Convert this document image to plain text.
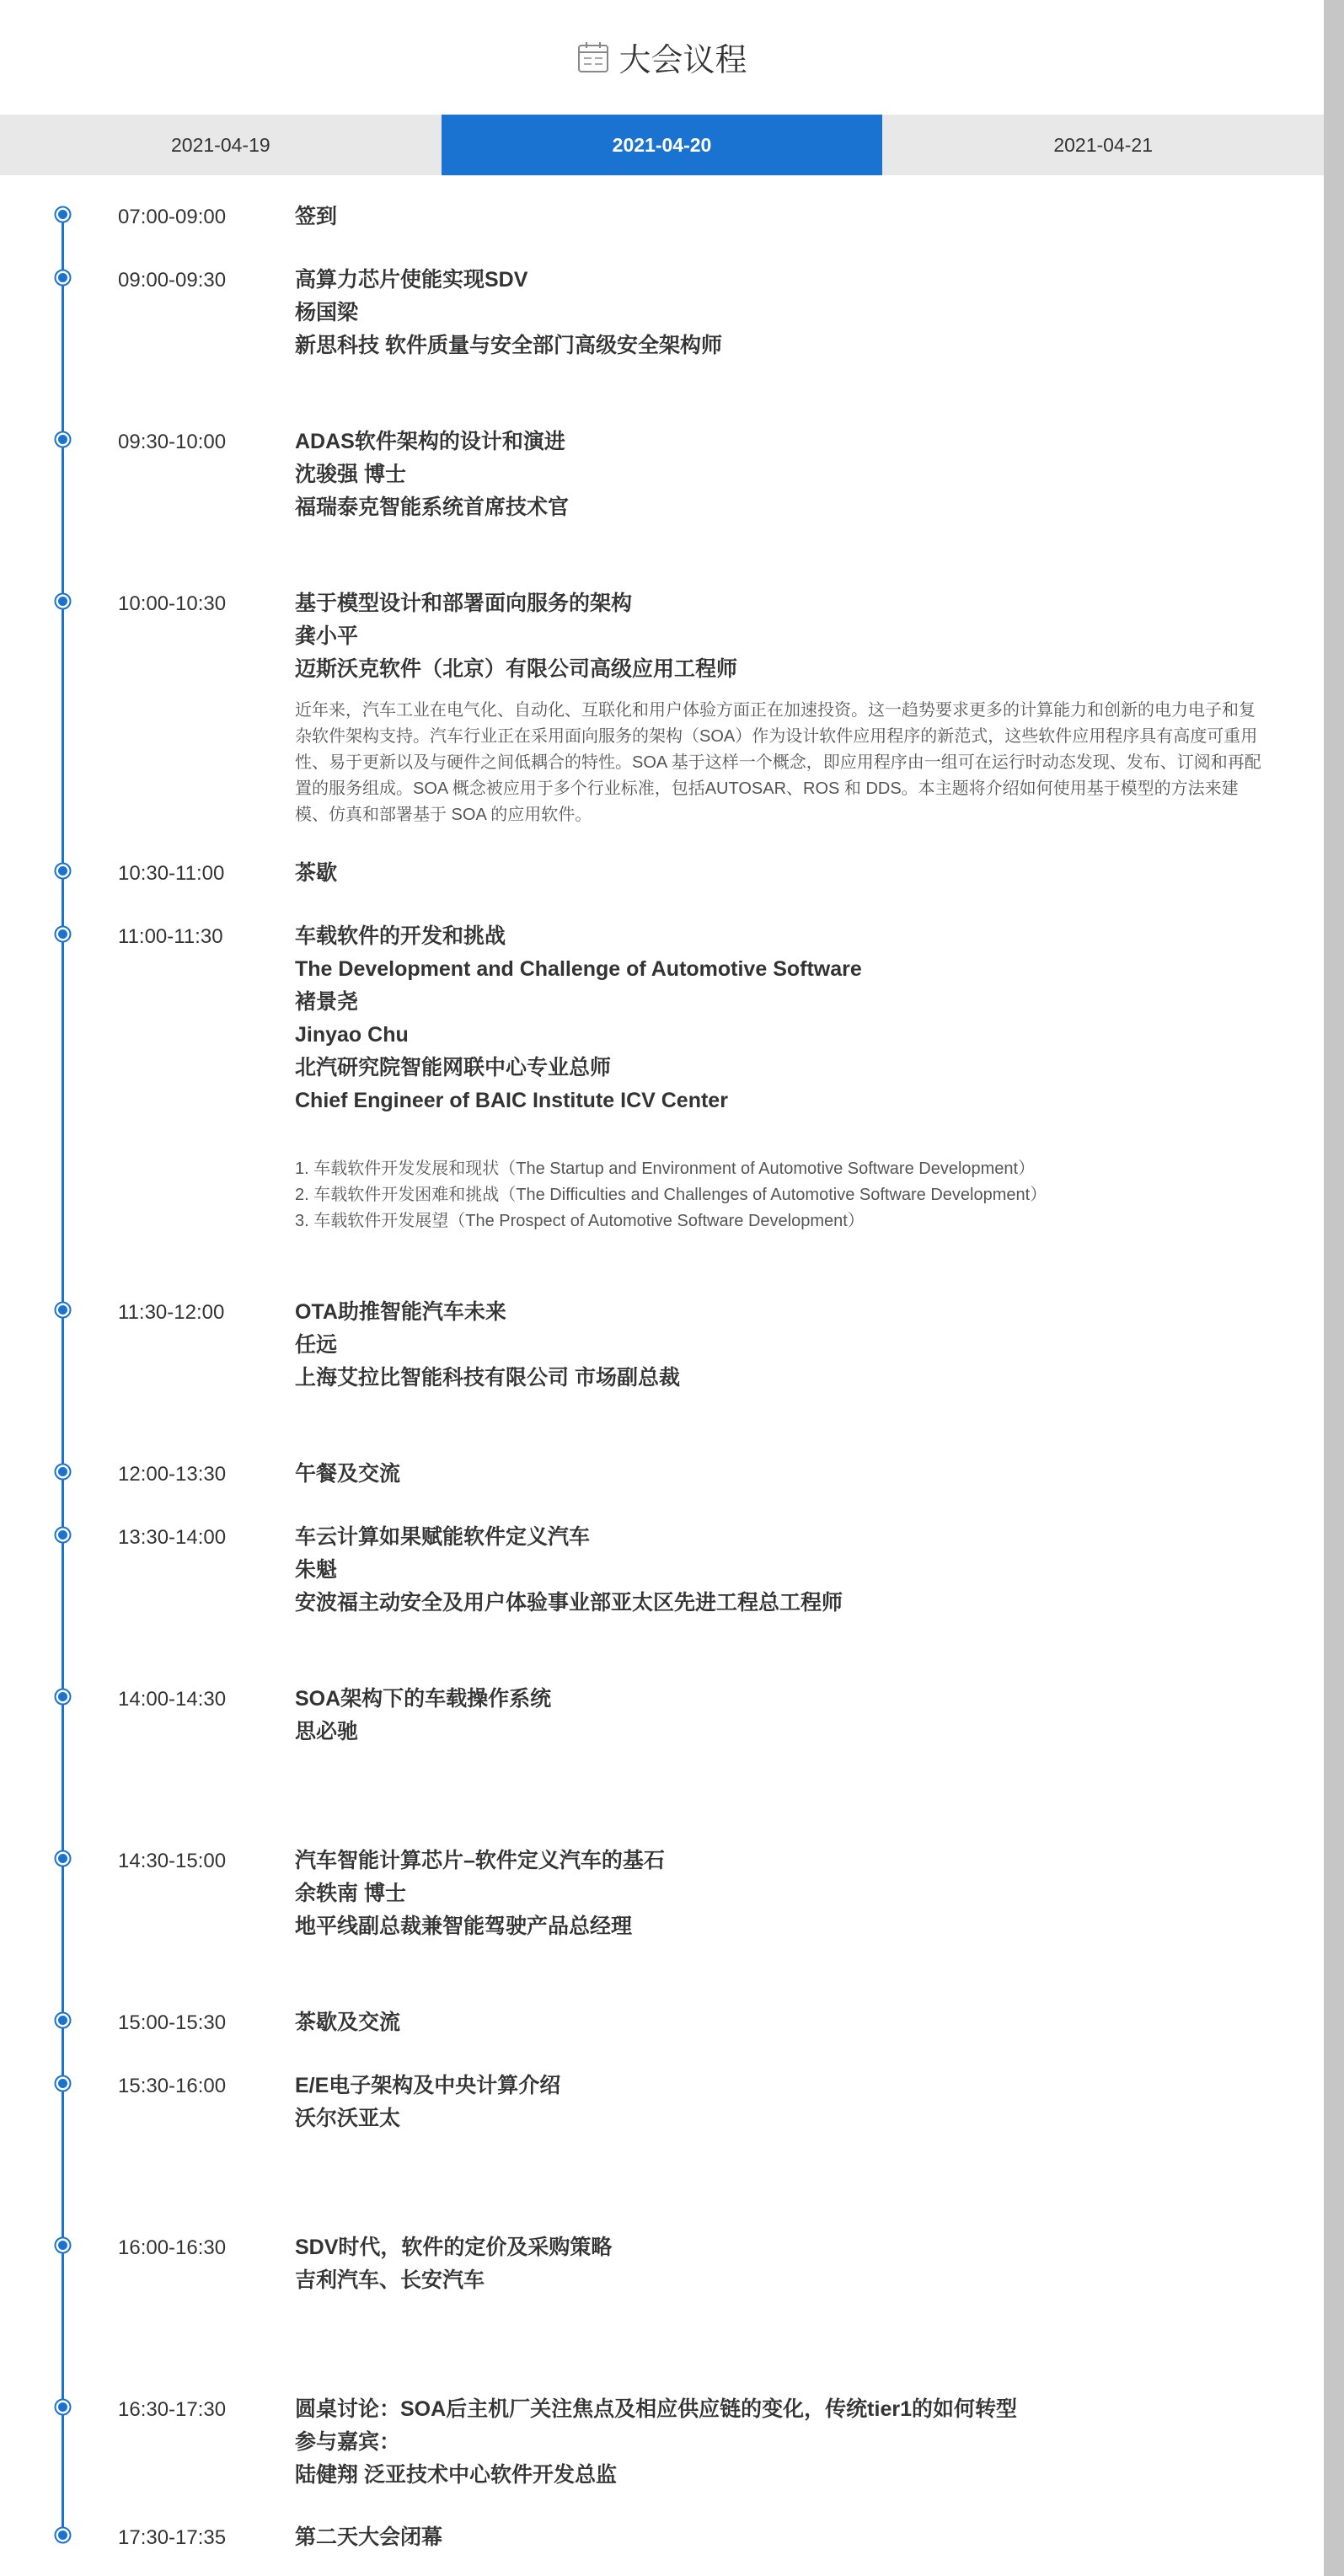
大会议程
2021-04-19	2021-04-20	2021-04-21
07:00-09:00	签到
09:00-09:30	高算力芯片使能实现SDV
杨国梁
新思科技 软件质量与安全部门高级安全架构师
09:30-10:00	ADAS软件架构的设计和演进
沈骏强 博士
福瑞泰克智能系统首席技术官
10:00-10:30	基于模型设计和部署面向服务的架构
龚小平
迈斯沃克软件（北京）有限公司高级应用工程师
近年来，汽车工业在电气化、自动化、互联化和用户体验方面正在加速投资。这一趋势要求更多的计算能力和创新的电力电子和复杂软件架构支持。汽车行业正在采用面向服务的架构（SOA）作为设计软件应用程序的新范式，这些软件应用程序具有高度可重用性、易于更新以及与硬件之间低耦合的特性。SOA 基于这样一个概念，即应用程序由一组可在运行时动态发现、发布、订阅和再配置的服务组成。SOA 概念被应用于多个行业标准，包括AUTOSAR、ROS 和 DDS。本主题将介绍如何使用基于模型的方法来建模、仿真和部署基于 SOA 的应用软件。
10:30-11:00	茶歇
11:00-11:30	车载软件的开发和挑战
The Development and Challenge of Automotive Software
褚景尧
Jinyao Chu
北汽研究院智能网联中心专业总师
Chief Engineer of BAIC Institute ICV Center
1. 车载软件开发发展和现状（The Startup and Environment of Automotive Software Development）
2. 车载软件开发困难和挑战（The Difficulties and Challenges of Automotive Software Development）
3. 车载软件开发展望（The Prospect of Automotive Software Development）
11:30-12:00	OTA助推智能汽车未来
任远
上海艾拉比智能科技有限公司 市场副总裁
12:00-13:30	午餐及交流
13:30-14:00	车云计算如果赋能软件定义汽车
朱魁
安波福主动安全及用户体验事业部亚太区先进工程总工程师
14:00-14:30	SOA架构下的车载操作系统
思必驰
14:30-15:00	汽车智能计算芯片–软件定义汽车的基石
余轶南 博士
地平线副总裁兼智能驾驶产品总经理
15:00-15:30	茶歇及交流
15:30-16:00	E/E电子架构及中央计算介绍
沃尔沃亚太
16:00-16:30	SDV时代，软件的定价及采购策略
吉利汽车、长安汽车
16:30-17:30	圆桌讨论：SOA后主机厂关注焦点及相应供应链的变化，传统tier1的如何转型
参与嘉宾：
陆健翔 泛亚技术中心软件开发总监
17:30-17:35	第二天大会闭幕
